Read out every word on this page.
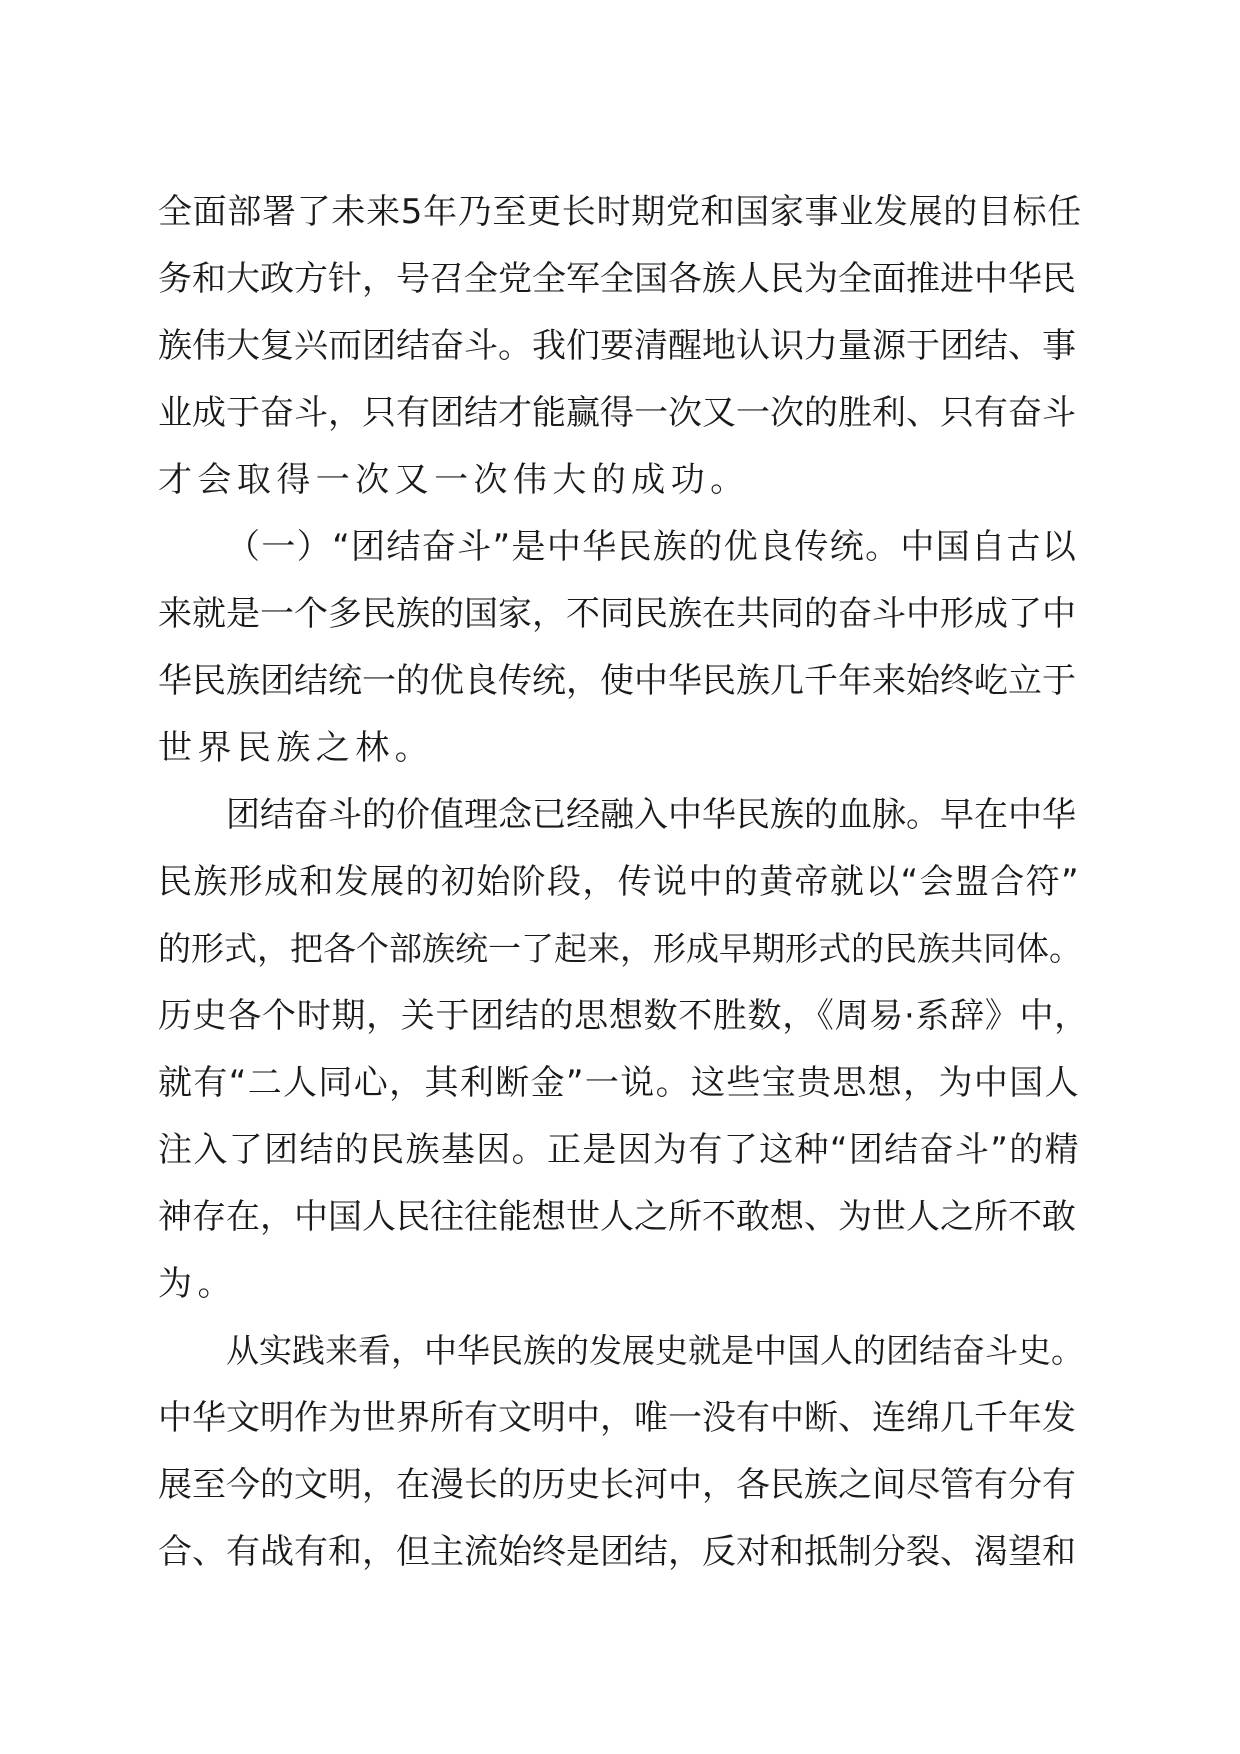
全面部署了未来5年乃至更长时期党和国家事业发展的目标任
务和大政方针，号召全党全军全国各族人民为全面推进中华民
族伟大复兴而团结奋斗。我们要清醒地认识力量源于团结、事
业成于奋斗，只有团结才能赢得一次又一次的胜利、只有奋斗
才会取得一次又一次伟大的成功。
（一）“团结奋斗”是中华民族的优良传统。中国自古以
来就是一个多民族的国家，不同民族在共同的奋斗中形成了中
华民族团结统一的优良传统，使中华民族几千年来始终屹立于
世界民族之林。
团结奋斗的价值理念已经融入中华民族的血脉。早在中华
民族形成和发展的初始阶段，传说中的黄帝就以“会盟合符”
的形式，把各个部族统一了起来，形成早期形式的民族共同体。
历史各个时期，关于团结的思想数不胜数，《周易·系辞》中，
就有“二人同心，其利断金”一说。这些宝贵思想，为中国人
注入了团结的民族基因。正是因为有了这种“团结奋斗”的精
神存在，中国人民往往能想世人之所不敢想、为世人之所不敢
为。
从实践来看，中华民族的发展史就是中国人的团结奋斗史。
中华文明作为世界所有文明中，唯一没有中断、连绵几千年发
展至今的文明，在漫长的历史长河中，各民族之间尽管有分有
合、有战有和，但主流始终是团结，反对和抵制分裂、渴望和
